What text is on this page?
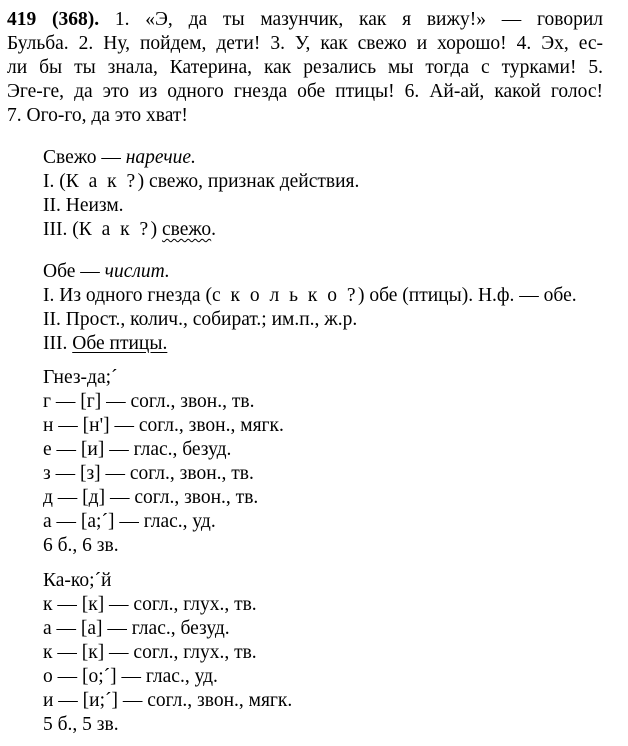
419 (368). 1. «Э, да ты мазунчик, как я вижу!» — говорил
Бульба. 2. Ну, пойдем, дети! 3. У, как свежо и хорошо! 4. Эх, ес-
ли бы ты знала, Катерина, как резались мы тогда с турками! 5.
Эге-ге, да это из одного гнезда обе птицы! 6. Ай-ай, какой голос!
7. Ого-го, да это хват!
Свежо — наречие.
I. (К а к ?) свежо, признак действия.
II. Неизм.
III. (К а к ?) свежо.
Обе — числит.
I. Из одного гнезда (с к о л ь к о ?) обе (птицы). Н.ф. — обе.
II. Прост., колич., собират.; им.п., ж.р.
III. Обе птицы.
Гнез-да;´
г — [г] — согл., звон., тв.
н — [н'] — согл., звон., мягк.
е — [и] — глас., безуд.
з — [з] — согл., звон., тв.
д — [д] — согл., звон., тв.
а — [а;´] — глас., уд.
6 б., 6 зв.
Ка-ко;´й
к — [к] — согл., глух., тв.
а — [а] — глас., безуд.
к — [к] — согл., глух., тв.
о — [о;´] — глас., уд.
и — [и;´] — согл., звон., мягк.
5 б., 5 зв.
